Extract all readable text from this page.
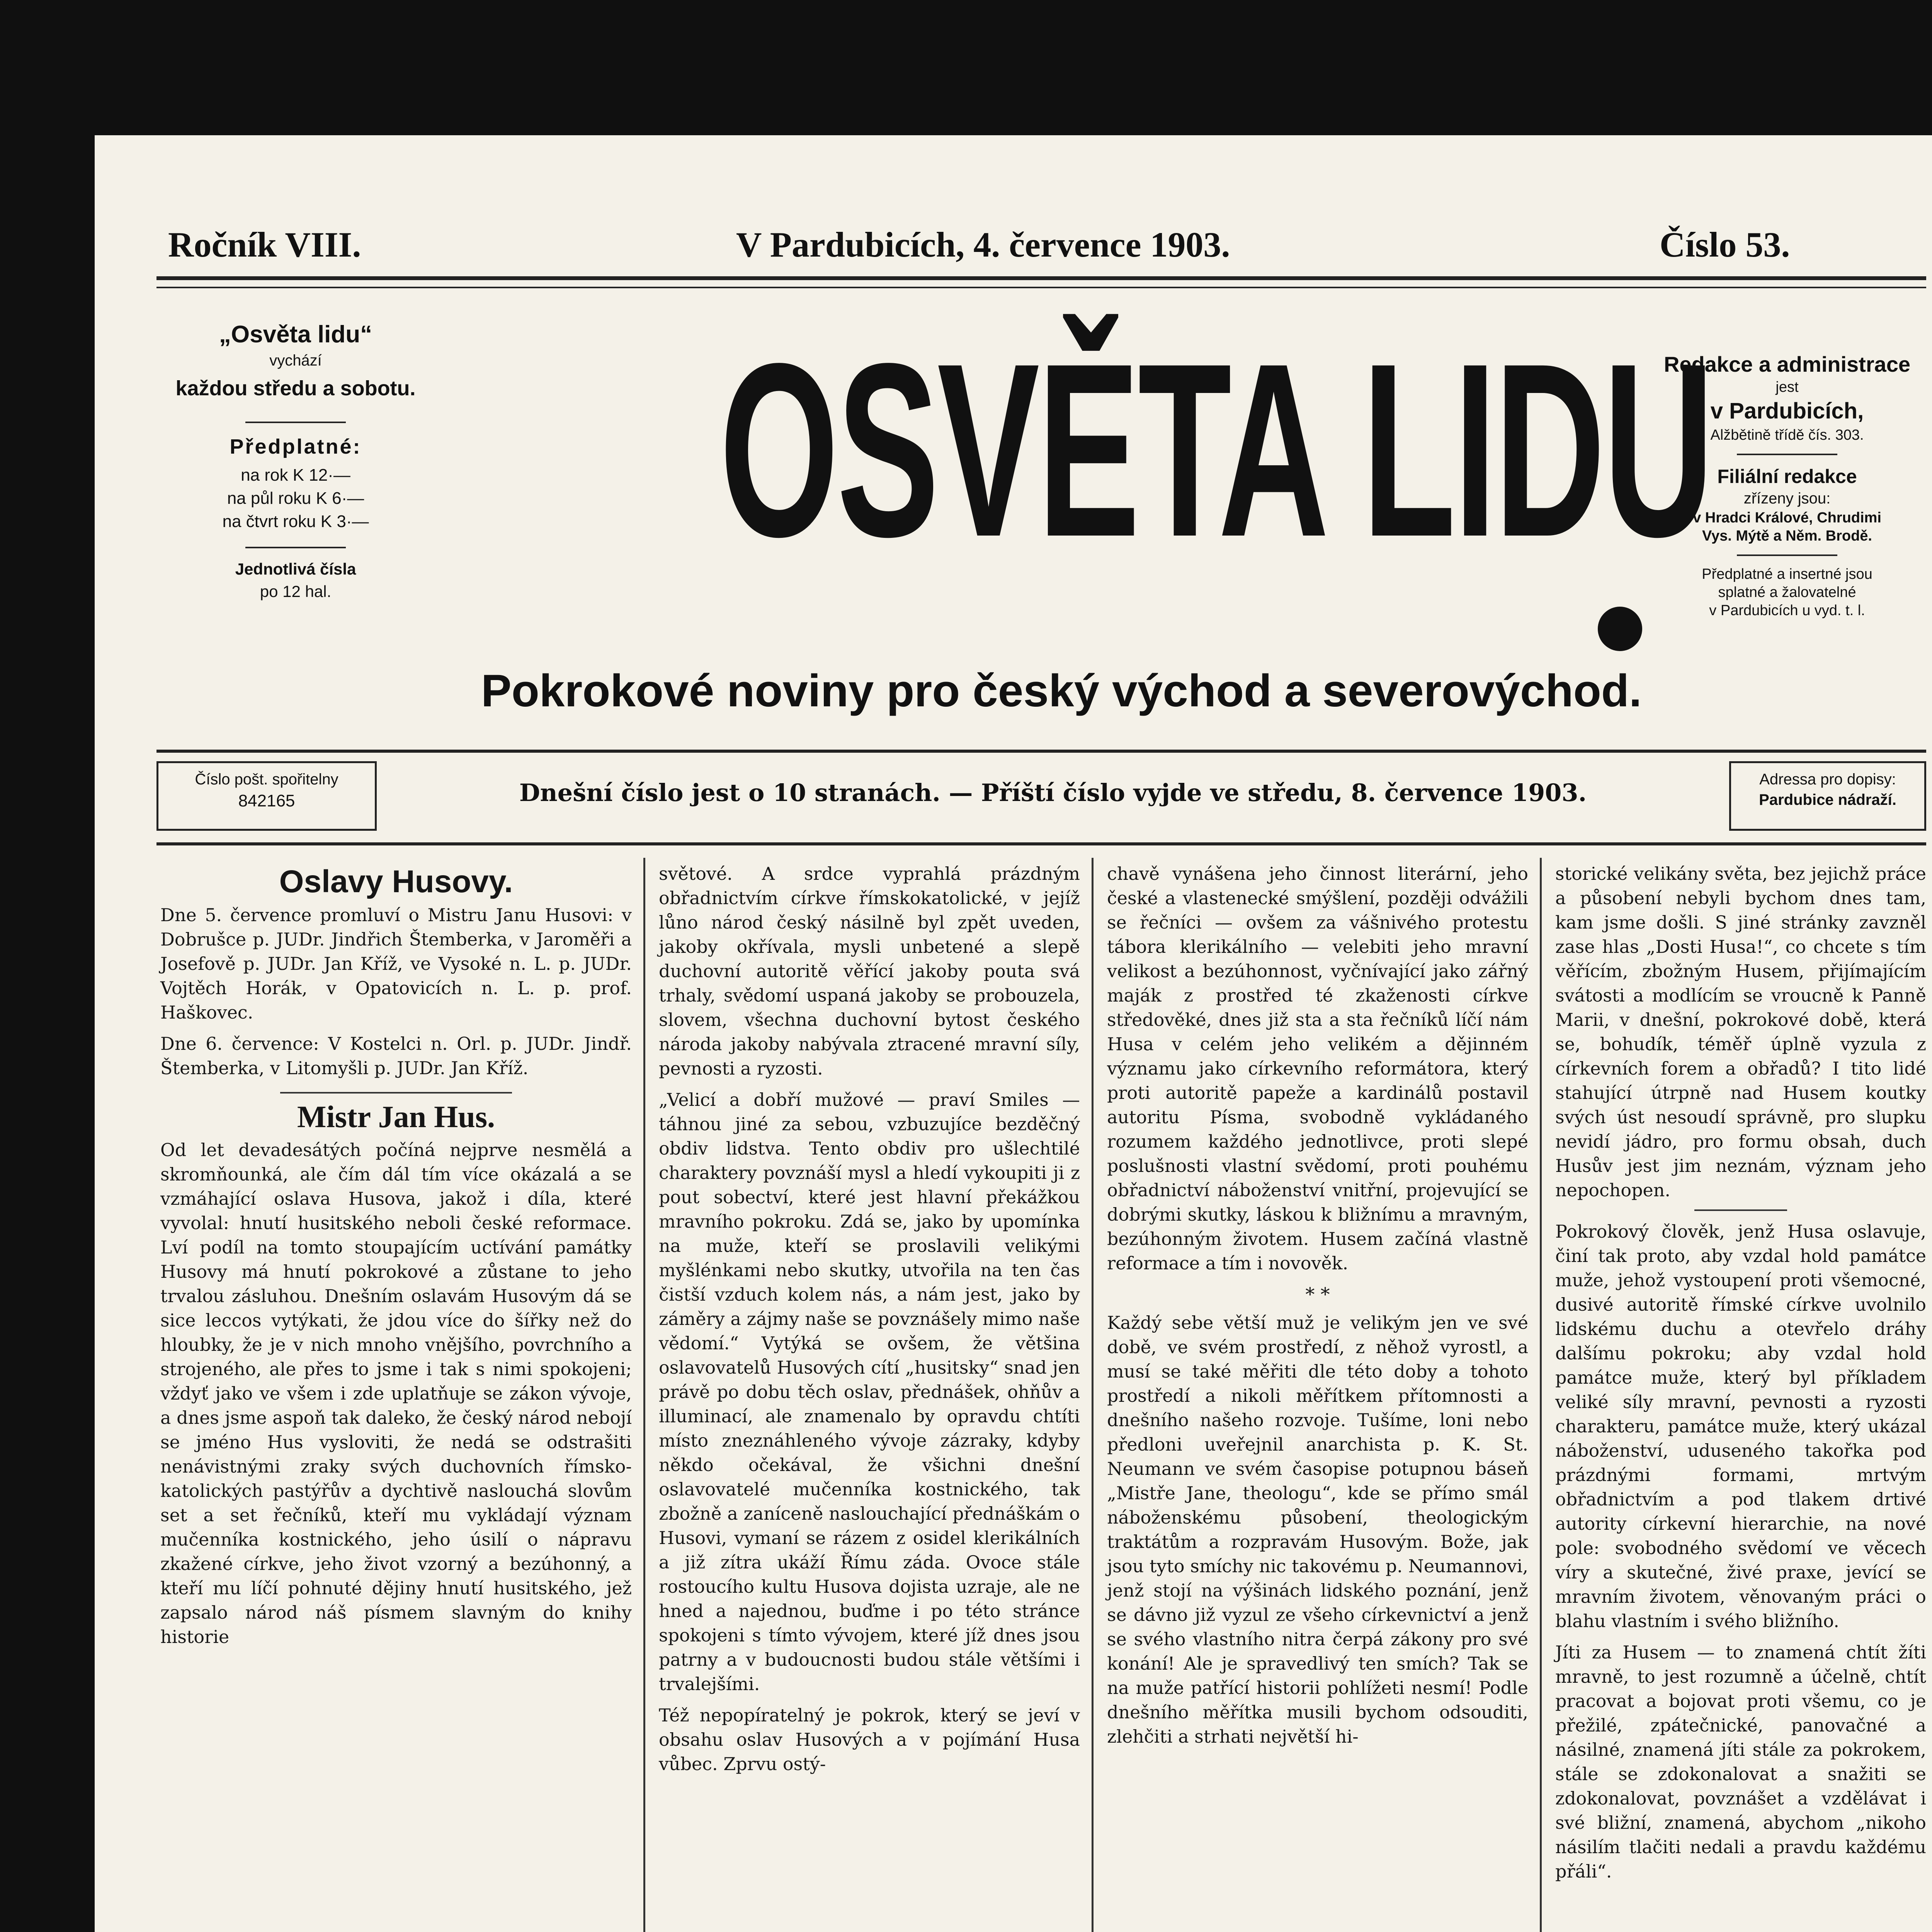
Ročník VIII.	V Pardubicích, 4. července 1903.	Číslo 53.
„Osvěta lidu“
vychází
každou středu a sobotu.
Předplatné:
na rok K 12·—
na půl roku K 6·—
na čtvrt roku K 3·—
Jednotlivá čísla
po 12 hal.
OSVĚTA LIDU
Pokrokové noviny pro český východ a severovýchod.
Redakce a administrace
jest
v Pardubicích,
Alžbětině třídě čís. 303.
Filiální redakce
zřízeny jsou:
v Hradci Králové, Chrudimi
Vys. Mýtě a Něm. Brodě.
Předplatné a insertné jsou
splatné a žalovatelné
v Pardubicích u vyd. t. l.
Číslo pošt. spořitelny
842165	Dnešní číslo jest o 10 stranách. — Příští číslo vyjde ve středu, 8. července 1903.	Adressa pro dopisy:
Pardubice nádraží.
Oslavy Husovy.

Dne 5. července promluví o Mistru Janu Husovi: v Dobrušce p. JUDr. Jindřich Štemberka, v Jaroměři a Josefově p. JUDr. Jan Kříž, ve Vysoké n. L. p. JUDr. Vojtěch Horák, v Opatovicích n. L. p. prof. Haškovec.

Dne 6. července: V Kostelci n. Orl. p. JUDr. Jindř. Štemberka, v Litomyšli p. JUDr. Jan Kříž.

Mistr Jan Hus.

Od let devadesátých počíná nejprve nesmělá a skromňounká, ale čím dál tím více okázalá a se vzmáhající oslava Husova, jakož i díla, které vyvolal: hnutí husitského neboli české reformace. Lví podíl na tomto stoupajícím uctívání památky Husovy má hnutí pokrokové a zůstane to jeho trvalou zásluhou. Dnešním oslavám Husovým dá se sice leccos vytýkati, že jdou více do šířky než do hloubky, že je v nich mnoho vnějšího, povrchního a strojeného, ale přes to jsme i tak s nimi spokojeni; vždyť jako ve všem i zde uplatňuje se zákon vývoje, a dnes jsme aspoň tak daleko, že český národ nebojí se jméno Hus vysloviti, že nedá se odstrašiti nenávistnými zraky svých duchovních římsko-katolických pastýřův a dychtivě naslouchá slovům set a set řečníků, kteří mu vykládají význam mučenníka kostnického, jeho úsilí o nápravu zkažené církve, jeho život vzorný a bezúhonný, a kteří mu líčí pohnuté dějiny hnutí husitského, jež zapsalo národ náš písmem slavným do knihy historie

světové. A srdce vyprahlá prázdným obřadnictvím církve římskokatolické, v jejíž lůno národ český násilně byl zpět uveden, jakoby okřívala, mysli unbetené a slepě duchovní autoritě věřící jakoby pouta svá trhaly, svědomí uspaná jakoby se probouzela, slovem, všechna duchovní bytost českého národa jakoby nabývala ztracené mravní síly, pevnosti a ryzosti.

„Velicí a dobří mužové — praví Smiles — táhnou jiné za sebou, vzbuzujíce bezděčný obdiv lidstva. Tento obdiv pro ušlechtilé charaktery povznáší mysl a hledí vykoupiti ji z pout sobectví, které jest hlavní překážkou mravního pokroku. Zdá se, jako by upomínka na muže, kteří se proslavili velikými myšlénkami nebo skutky, utvořila na ten čas čistší vzduch kolem nás, a nám jest, jako by záměry a zájmy naše se povznášely mimo naše vědomí.“ Vytýká se ovšem, že většina oslavovatelů Husových cítí „husitsky“ snad jen právě po dobu těch oslav, přednášek, ohňův a illuminací, ale znamenalo by opravdu chtíti místo zneznáhleného vývoje zázraky, kdyby někdo očekával, že všichni dnešní oslavovatelé mučenníka kostnického, tak zbožně a zaníceně naslouchající přednáškám o Husovi, vymaní se rázem z osidel klerikálních a již zítra ukáží Římu záda. Ovoce stále rostoucího kultu Husova dojista uzraje, ale ne hned a najednou, buďme i po této stránce spokojeni s tímto vývojem, které jíž dnes jsou patrny a v budoucnosti budou stále většími i trvalejšími.

Též nepopíratelný je pokrok, který se jeví v obsahu oslav Husových a v pojímání Husa vůbec. Zprvu ostý-

chavě vynášena jeho činnost literární, jeho české a vlastenecké smýšlení, později odvážili se řečníci — ovšem za vášnivého protestu tábora klerikálního — velebiti jeho mravní velikost a bezúhonnost, vyčnívající jako zářný maják z prostřed té zkaženosti církve středověké, dnes již sta a sta řečníků líčí nám Husa v celém jeho velikém a dějinném významu jako církevního reformátora, který proti autoritě papeže a kardinálů postavil autoritu Písma, svobodně vykládaného rozumem každého jednotlivce, proti slepé poslušnosti vlastní svědomí, proti pouhému obřadnictví náboženství vnitřní, projevující se dobrými skutky, láskou k bližnímu a mravným, bezúhonným životem. Husem začíná vlastně reformace a tím i novověk.

* *

Každý sebe větší muž je velikým jen ve své době, ve svém prostředí, z něhož vyrostl, a musí se také měřiti dle této doby a tohoto prostředí a nikoli měřítkem přítomnosti a dnešního našeho rozvoje. Tušíme, loni nebo předloni uveřejnil anarchista p. K. St. Neumann ve svém časopise potupnou báseň „Mistře Jane, theologu“, kde se přímo smál náboženskému působení, theologickým traktátům a rozpravám Husovým. Bože, jak jsou tyto smíchy nic takovému p. Neumannovi, jenž stojí na výšinách lidského poznání, jenž se dávno již vyzul ze všeho církevnictví a jenž se svého vlastního nitra čerpá zákony pro své konání! Ale je spravedlivý ten smích? Tak se na muže patřící historii pohlížeti nesmí! Podle dnešního měřítka musili bychom odsouditi, zlehčiti a strhati největší hi-

storické velikány světa, bez jejichž práce a působení nebyli bychom dnes tam, kam jsme došli. S jiné stránky zavzněl zase hlas „Dosti Husa!“, co chcete s tím věřícím, zbožným Husem, přijímajícím svátosti a modlícím se vroucně k Panně Marii, v dnešní, pokrokové době, která se, bohudík, téměř úplně vyzula z církevních forem a obřadů? I tito lidé stahující útrpně nad Husem koutky svých úst nesoudí správně, pro slupku nevidí jádro, pro formu obsah, duch Husův jest jim neznám, význam jeho nepochopen.

Pokrokový člověk, jenž Husa oslavuje, činí tak proto, aby vzdal hold památce muže, jehož vystoupení proti všemocné, dusivé autoritě římské církve uvolnilo lidskému duchu a otevřelo dráhy dalšímu pokroku; aby vzdal hold památce muže, který byl příkladem veliké síly mravní, pevnosti a ryzosti charakteru, památce muže, který ukázal náboženství, uduseného takořka pod prázdnými formami, mrtvým obřadnictvím a pod tlakem drtivé autority církevní hierarchie, na nové pole: svobodného svědomí ve věcech víry a skutečné, živé praxe, jevící se mravním životem, věnovaným práci o blahu vlastním i svého bližního.

Jíti za Husem — to znamená chtít žíti mravně, to jest rozumně a účelně, chtít pracovat a bojovat proti všemu, co je přežilé, zpátečnické, panovačné a násilné, znamená jíti stále za pokrokem, stále se zdokonalovat a snažiti se zdokonalovat, povznášet a vzdělávat i své bližní, znamená, abychom „nikoho násilím tlačiti nedali a pravdu každému přáli“.
